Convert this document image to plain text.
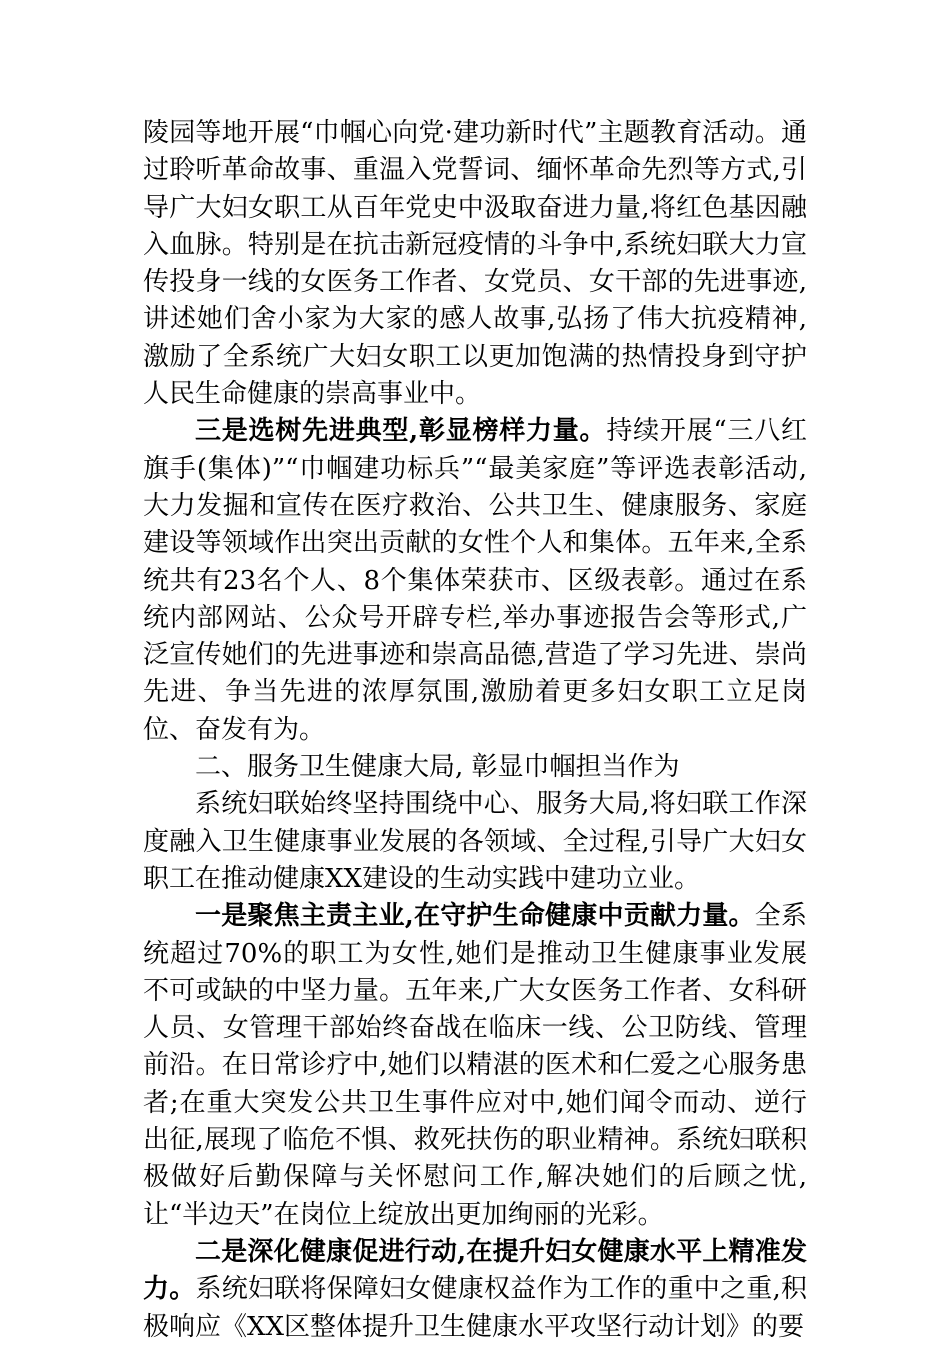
陵园等地开展“巾帼心向党·建功新时代”主题教育活动。通过聆听革命故事、重温入党誓词、缅怀革命先烈等方式,引导广大妇女职工从百年党史中汲取奋进力量,将红色基因融入血脉。特别是在抗击新冠疫情的斗争中,系统妇联大力宣传投身一线的女医务工作者、女党员、女干部的先进事迹,讲述她们舍小家为大家的感人故事,弘扬了伟大抗疫精神,激励了全系统广大妇女职工以更加饱满的热情投身到守护人民生命健康的崇高事业中。

三是选树先进典型,彰显榜样力量。持续开展“三八红旗手(集体)”“巾帼建功标兵”“最美家庭”等评选表彰活动,大力发掘和宣传在医疗救治、公共卫生、健康服务、家庭建设等领域作出突出贡献的女性个人和集体。五年来,全系统共有23名个人、8个集体荣获市、区级表彰。通过在系统内部网站、公众号开辟专栏,举办事迹报告会等形式,广泛宣传她们的先进事迹和崇高品德,营造了学习先进、崇尚先进、争当先进的浓厚氛围,激励着更多妇女职工立足岗位、奋发有为。

二、服务卫生健康大局, 彰显巾帼担当作为

系统妇联始终坚持围绕中心、服务大局,将妇联工作深度融入卫生健康事业发展的各领域、全过程,引导广大妇女职工在推动健康XX建设的生动实践中建功立业。

一是聚焦主责主业,在守护生命健康中贡献力量。全系统超过70%的职工为女性,她们是推动卫生健康事业发展不可或缺的中坚力量。五年来,广大女医务工作者、女科研人员、女管理干部始终奋战在临床一线、公卫防线、管理前沿。在日常诊疗中,她们以精湛的医术和仁爱之心服务患者;在重大突发公共卫生事件应对中,她们闻令而动、逆行出征,展现了临危不惧、救死扶伤的职业精神。系统妇联积极做好后勤保障与关怀慰问工作,解决她们的后顾之忧,让“半边天”在岗位上绽放出更加绚丽的光彩。

二是深化健康促进行动,在提升妇女健康水平上精准发力。系统妇联将保障妇女健康权益作为工作的重中之重,积极响应《XX区整体提升卫生健康水平攻坚行动计划》的要
